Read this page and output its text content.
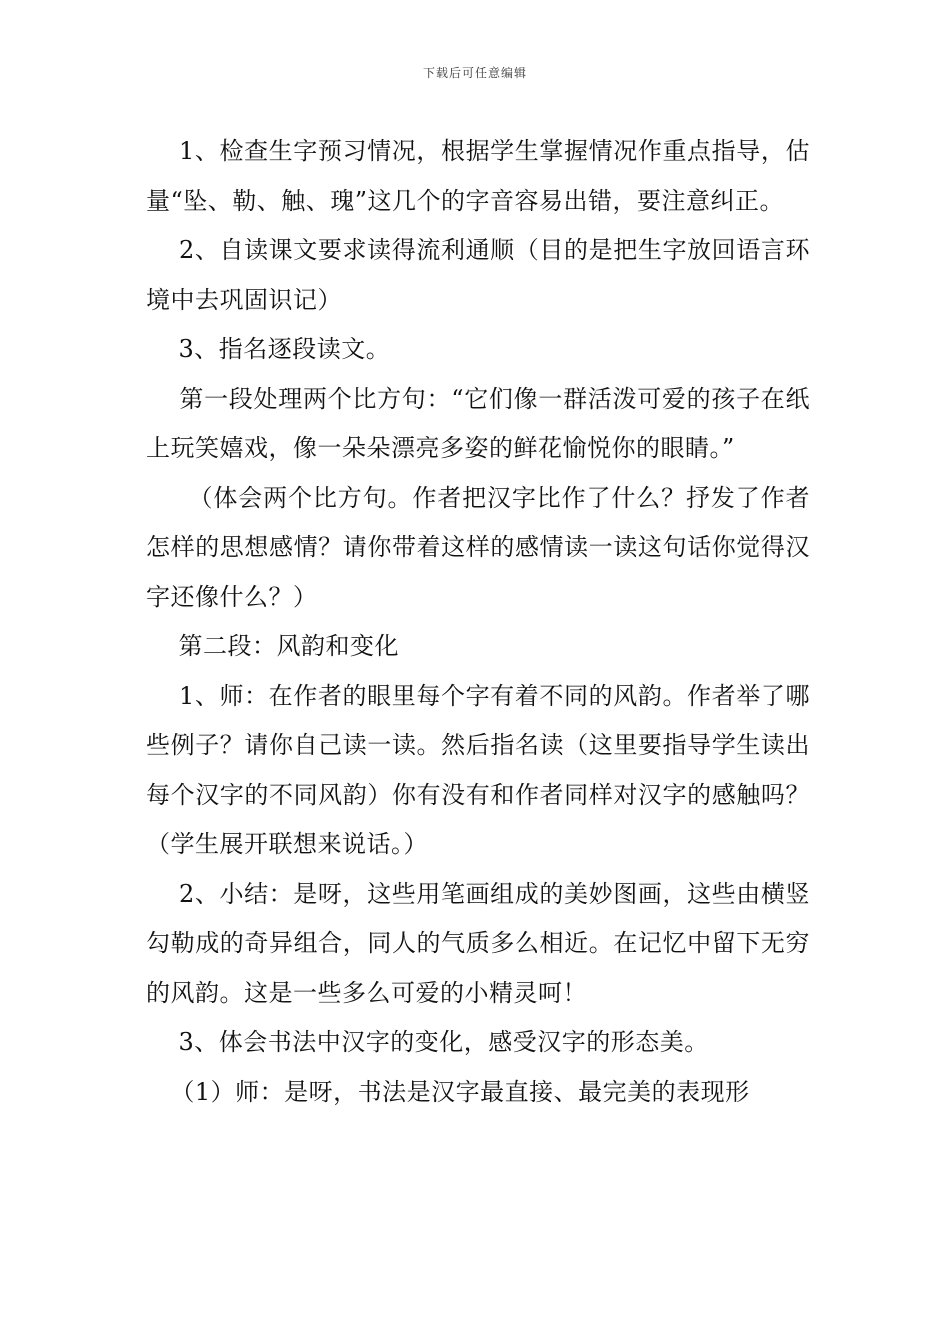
下载后可任意编辑

1、检查生字预习情况，根据学生掌握情况作重点指导，估量“坠、勒、触、瑰”这几个的字音容易出错，要注意纠正。

2、自读课文要求读得流利通顺（目的是把生字放回语言环境中去巩固识记）

3、指名逐段读文。

第一段处理两个比方句：“它们像一群活泼可爱的孩子在纸上玩笑嬉戏，像一朵朵漂亮多姿的鲜花愉悦你的眼睛。”

（体会两个比方句。作者把汉字比作了什么？抒发了作者怎样的思想感情？请你带着这样的感情读一读这句话你觉得汉字还像什么？）

第二段：风韵和变化

1、师：在作者的眼里每个字有着不同的风韵。作者举了哪些例子？请你自己读一读。然后指名读（这里要指导学生读出每个汉字的不同风韵）你有没有和作者同样对汉字的感触吗？（学生展开联想来说话。）

2、小结：是呀，这些用笔画组成的美妙图画，这些由横竖勾勒成的奇异组合，同人的气质多么相近。在记忆中留下无穷的风韵。这是一些多么可爱的小精灵呵！

3、体会书法中汉字的变化，感受汉字的形态美。

（1）师：是呀，书法是汉字最直接、最完美的表现形
